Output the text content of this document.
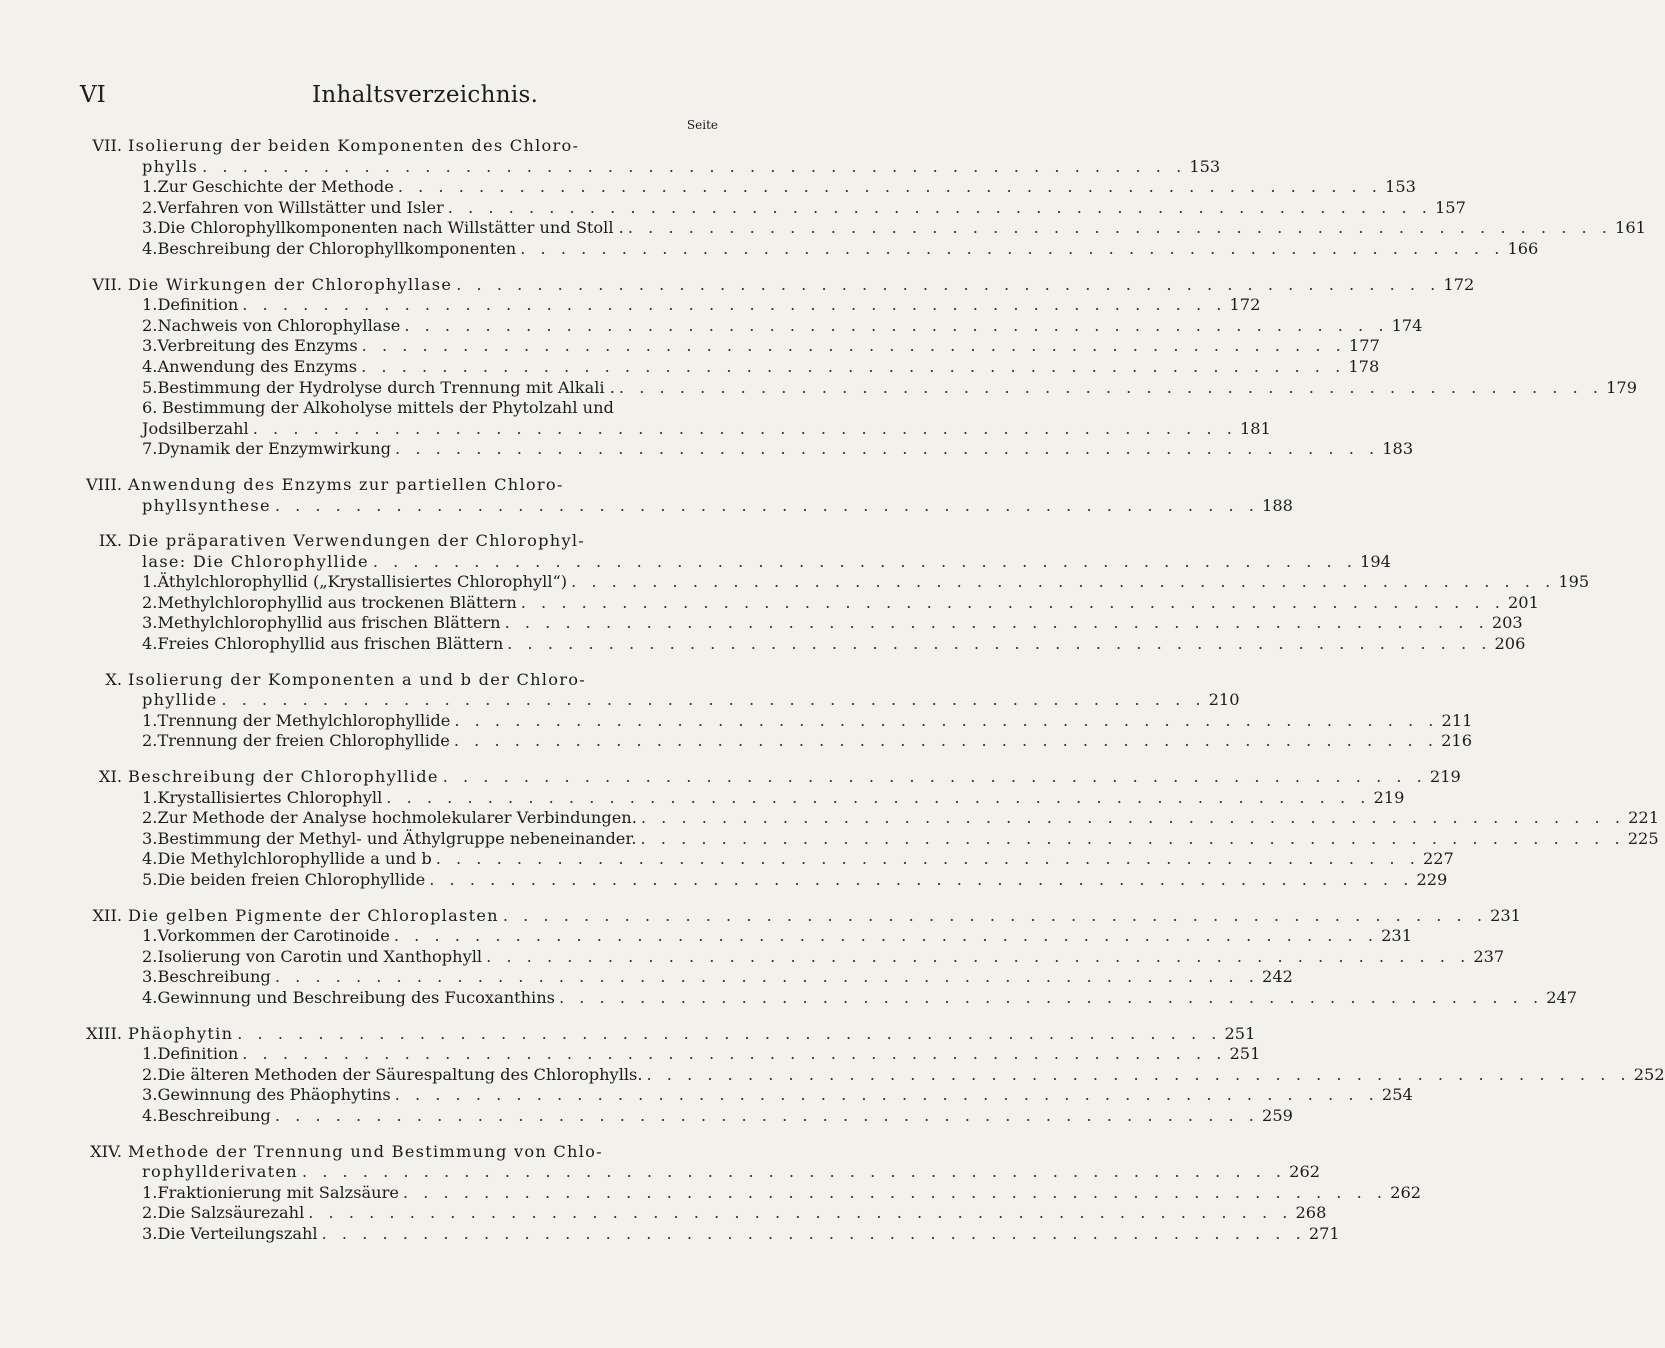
VI	Inhaltsverzeichnis.
Seite
VII. Isolierung der beiden Komponenten des Chloro-
phylls . . . . . . . . . . . . . . . . . . . . . . . . . . . . . . . . . . . . . . . . . . . . . . . . . 153
1. Zur Geschichte der Methode . . . . . . . . . . . . . . . . . . . . . . . . . . . . . . . . . . . . . . . . . . . . . . . . . 153
2. Verfahren von Willstätter und Isler . . . . . . . . . . . . . . . . . . . . . . . . . . . . . . . . . . . . . . . . . . . . . . . . . 157
3. Die Chlorophyllkomponenten nach Willstätter und Stoll . . . . . . . . . . . . . . . . . . . . . . . . . . . . . . . . . . . . . . . . . . . . . . . . . . 161
4. Beschreibung der Chlorophyllkomponenten . . . . . . . . . . . . . . . . . . . . . . . . . . . . . . . . . . . . . . . . . . . . . . . . . 166
VII. Die Wirkungen der Chlorophyllase . . . . . . . . . . . . . . . . . . . . . . . . . . . . . . . . . . . . . . . . . . . . . . . . . 172
1. Definition . . . . . . . . . . . . . . . . . . . . . . . . . . . . . . . . . . . . . . . . . . . . . . . . . 172
2. Nachweis von Chlorophyllase . . . . . . . . . . . . . . . . . . . . . . . . . . . . . . . . . . . . . . . . . . . . . . . . . 174
3. Verbreitung des Enzyms . . . . . . . . . . . . . . . . . . . . . . . . . . . . . . . . . . . . . . . . . . . . . . . . . 177
4. Anwendung des Enzyms . . . . . . . . . . . . . . . . . . . . . . . . . . . . . . . . . . . . . . . . . . . . . . . . . 178
5. Bestimmung der Hydrolyse durch Trennung mit Alkali . . . . . . . . . . . . . . . . . . . . . . . . . . . . . . . . . . . . . . . . . . . . . . . . . . 179
6. Bestimmung der Alkoholyse mittels der Phytolzahl und
Jodsilberzahl . . . . . . . . . . . . . . . . . . . . . . . . . . . . . . . . . . . . . . . . . . . . . . . . . 181
7. Dynamik der Enzymwirkung . . . . . . . . . . . . . . . . . . . . . . . . . . . . . . . . . . . . . . . . . . . . . . . . . 183
VIII. Anwendung des Enzyms zur partiellen Chloro-
phyllsynthese . . . . . . . . . . . . . . . . . . . . . . . . . . . . . . . . . . . . . . . . . . . . . . . . . 188
IX. Die präparativen Verwendungen der Chlorophyl-
lase: Die Chlorophyllide . . . . . . . . . . . . . . . . . . . . . . . . . . . . . . . . . . . . . . . . . . . . . . . . . 194
1. Äthylchlorophyllid („Krystallisiertes Chlorophyll“) . . . . . . . . . . . . . . . . . . . . . . . . . . . . . . . . . . . . . . . . . . . . . . . . . 195
2. Methylchlorophyllid aus trockenen Blättern . . . . . . . . . . . . . . . . . . . . . . . . . . . . . . . . . . . . . . . . . . . . . . . . . 201
3. Methylchlorophyllid aus frischen Blättern . . . . . . . . . . . . . . . . . . . . . . . . . . . . . . . . . . . . . . . . . . . . . . . . . 203
4. Freies Chlorophyllid aus frischen Blättern . . . . . . . . . . . . . . . . . . . . . . . . . . . . . . . . . . . . . . . . . . . . . . . . . 206
X. Isolierung der Komponenten a und b der Chloro-
phyllide . . . . . . . . . . . . . . . . . . . . . . . . . . . . . . . . . . . . . . . . . . . . . . . . . 210
1. Trennung der Methylchlorophyllide . . . . . . . . . . . . . . . . . . . . . . . . . . . . . . . . . . . . . . . . . . . . . . . . . 211
2. Trennung der freien Chlorophyllide . . . . . . . . . . . . . . . . . . . . . . . . . . . . . . . . . . . . . . . . . . . . . . . . . 216
XI. Beschreibung der Chlorophyllide . . . . . . . . . . . . . . . . . . . . . . . . . . . . . . . . . . . . . . . . . . . . . . . . . 219
1. Krystallisiertes Chlorophyll . . . . . . . . . . . . . . . . . . . . . . . . . . . . . . . . . . . . . . . . . . . . . . . . . 219
2. Zur Methode der Analyse hochmolekularer Verbindungen. . . . . . . . . . . . . . . . . . . . . . . . . . . . . . . . . . . . . . . . . . . . . . . . . . 221
3. Bestimmung der Methyl- und Äthylgruppe nebeneinander. . . . . . . . . . . . . . . . . . . . . . . . . . . . . . . . . . . . . . . . . . . . . . . . . . 225
4. Die Methylchlorophyllide a und b . . . . . . . . . . . . . . . . . . . . . . . . . . . . . . . . . . . . . . . . . . . . . . . . . 227
5. Die beiden freien Chlorophyllide . . . . . . . . . . . . . . . . . . . . . . . . . . . . . . . . . . . . . . . . . . . . . . . . . 229
XII. Die gelben Pigmente der Chloroplasten . . . . . . . . . . . . . . . . . . . . . . . . . . . . . . . . . . . . . . . . . . . . . . . . . 231
1. Vorkommen der Carotinoide . . . . . . . . . . . . . . . . . . . . . . . . . . . . . . . . . . . . . . . . . . . . . . . . . 231
2. Isolierung von Carotin und Xanthophyll . . . . . . . . . . . . . . . . . . . . . . . . . . . . . . . . . . . . . . . . . . . . . . . . . 237
3. Beschreibung . . . . . . . . . . . . . . . . . . . . . . . . . . . . . . . . . . . . . . . . . . . . . . . . . 242
4. Gewinnung und Beschreibung des Fucoxanthins . . . . . . . . . . . . . . . . . . . . . . . . . . . . . . . . . . . . . . . . . . . . . . . . . 247
XIII. Phäophytin . . . . . . . . . . . . . . . . . . . . . . . . . . . . . . . . . . . . . . . . . . . . . . . . . 251
1. Definition . . . . . . . . . . . . . . . . . . . . . . . . . . . . . . . . . . . . . . . . . . . . . . . . . 251
2. Die älteren Methoden der Säurespaltung des Chlorophylls. . . . . . . . . . . . . . . . . . . . . . . . . . . . . . . . . . . . . . . . . . . . . . . . . . 252
3. Gewinnung des Phäophytins . . . . . . . . . . . . . . . . . . . . . . . . . . . . . . . . . . . . . . . . . . . . . . . . . 254
4. Beschreibung . . . . . . . . . . . . . . . . . . . . . . . . . . . . . . . . . . . . . . . . . . . . . . . . . 259
XIV. Methode der Trennung und Bestimmung von Chlo-
rophyllderivaten . . . . . . . . . . . . . . . . . . . . . . . . . . . . . . . . . . . . . . . . . . . . . . . . . 262
1. Fraktionierung mit Salzsäure . . . . . . . . . . . . . . . . . . . . . . . . . . . . . . . . . . . . . . . . . . . . . . . . . 262
2. Die Salzsäurezahl . . . . . . . . . . . . . . . . . . . . . . . . . . . . . . . . . . . . . . . . . . . . . . . . . 268
3. Die Verteilungszahl . . . . . . . . . . . . . . . . . . . . . . . . . . . . . . . . . . . . . . . . . . . . . . . . . 271
